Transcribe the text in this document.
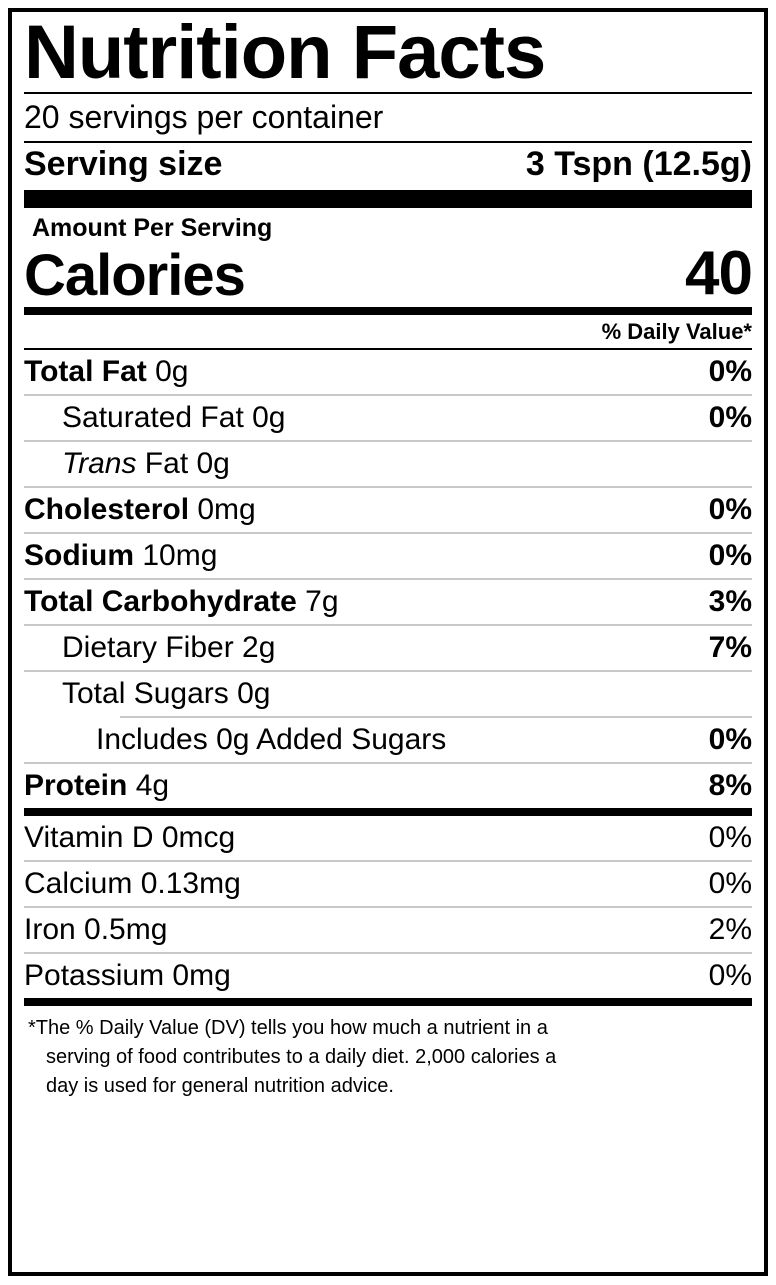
Nutrition Facts
20 servings per container
Serving size	3 Tspn (12.5g)
Amount Per Serving
Calories	40
% Daily Value*
Total Fat 0g	0%
Saturated Fat 0g	0%
Trans Fat 0g
Cholesterol 0mg	0%
Sodium 10mg	0%
Total Carbohydrate 7g	3%
Dietary Fiber 2g	7%
Total Sugars 0g
Includes 0g Added Sugars	0%
Protein 4g	8%
Vitamin D 0mcg	0%
Calcium 0.13mg	0%
Iron 0.5mg	2%
Potassium 0mg	0%
*The % Daily Value (DV) tells you how much a nutrient in a
serving of food contributes to a daily diet. 2,000 calories a
day is used for general nutrition advice.
